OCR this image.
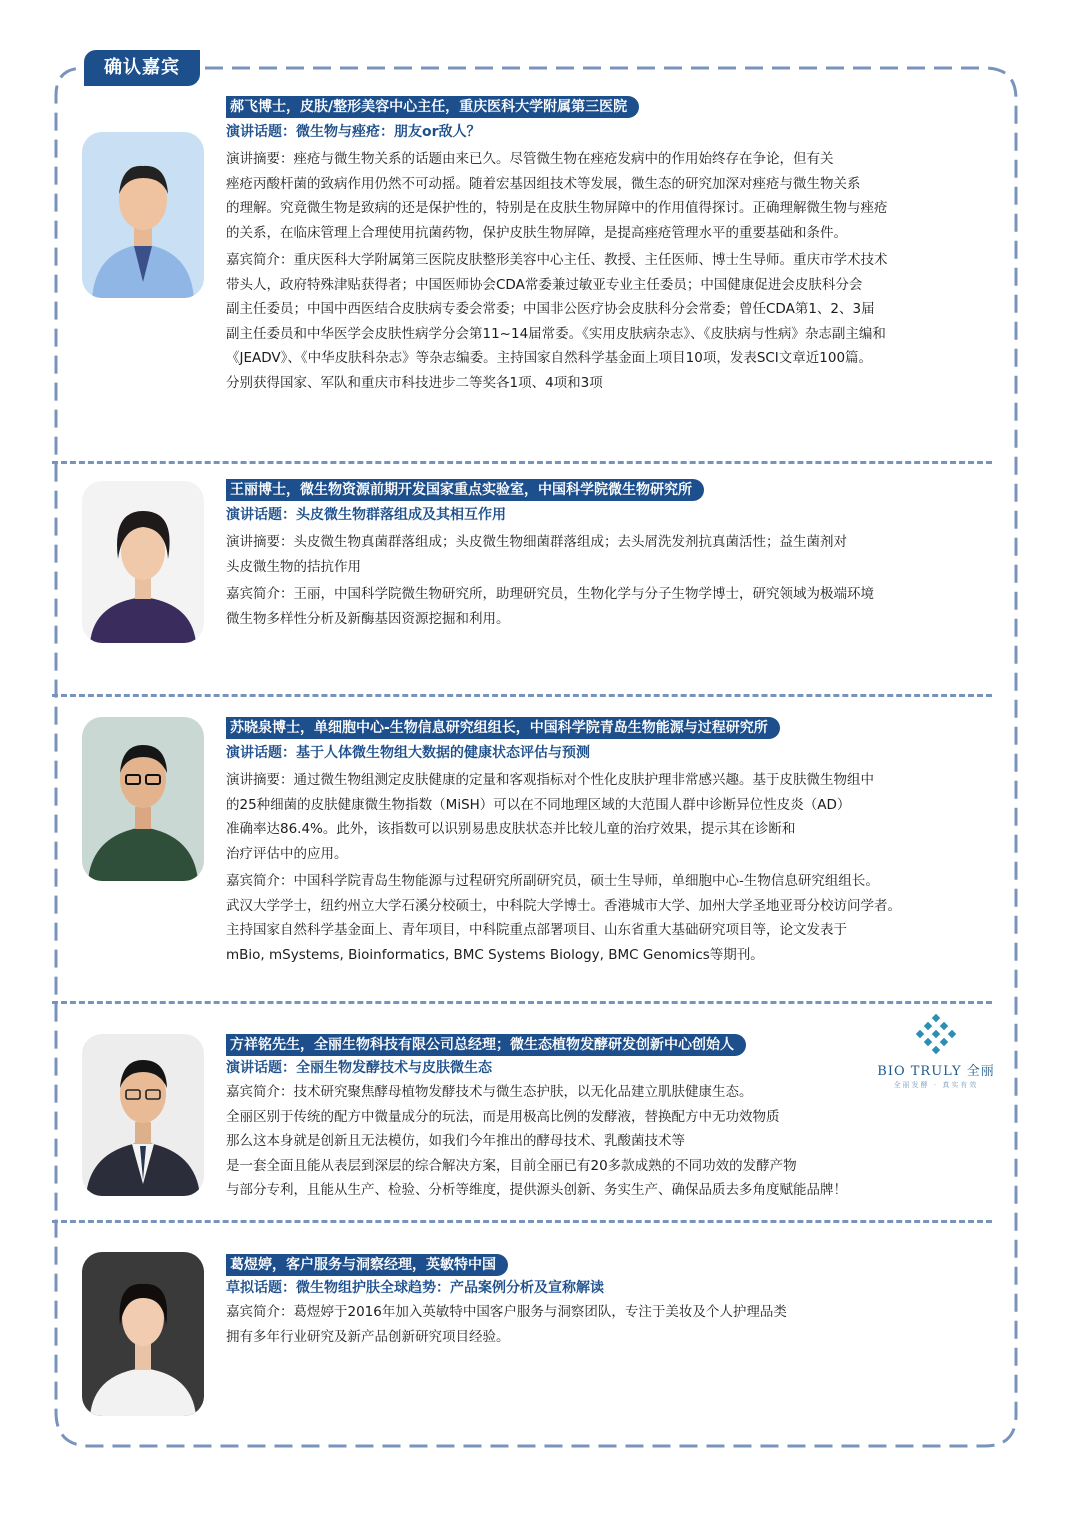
确认嘉宾
郝飞博士，皮肤/整形美容中心主任，重庆医科大学附属第三医院
演讲话题：微生物与痤疮：朋友or敌人？
演讲摘要：痤疮与微生物关系的话题由来已久。尽管微生物在痤疮发病中的作用始终存在争论，但有关
痤疮丙酸杆菌的致病作用仍然不可动摇。随着宏基因组技术等发展，微生态的研究加深对痤疮与微生物关系
的理解。究竟微生物是致病的还是保护性的，特别是在皮肤生物屏障中的作用值得探讨。正确理解微生物与痤疮
的关系，在临床管理上合理使用抗菌药物，保护皮肤生物屏障，是提高痤疮管理水平的重要基础和条件。
嘉宾简介：重庆医科大学附属第三医院皮肤整形美容中心主任、教授、主任医师、博士生导师。重庆市学术技术
带头人，政府特殊津贴获得者；中国医师协会CDA常委兼过敏亚专业主任委员；中国健康促进会皮肤科分会
副主任委员；中国中西医结合皮肤病专委会常委；中国非公医疗协会皮肤科分会常委；曾任CDA第1、2、3届
副主任委员和中华医学会皮肤性病学分会第11~14届常委。《实用皮肤病杂志》、《皮肤病与性病》杂志副主编和
《JEADV》、《中华皮肤科杂志》等杂志编委。主持国家自然科学基金面上项目10项，发表SCI文章近100篇。
分别获得国家、军队和重庆市科技进步二等奖各1项、4项和3项
王丽博士，微生物资源前期开发国家重点实验室，中国科学院微生物研究所
演讲话题：头皮微生物群落组成及其相互作用
演讲摘要：头皮微生物真菌群落组成；头皮微生物细菌群落组成；去头屑洗发剂抗真菌活性；益生菌剂对
头皮微生物的拮抗作用
嘉宾简介：王丽，中国科学院微生物研究所，助理研究员，生物化学与分子生物学博士，研究领域为极端环境
微生物多样性分析及新酶基因资源挖掘和利用。
苏晓泉博士，单细胞中心-生物信息研究组组长，中国科学院青岛生物能源与过程研究所
演讲话题：基于人体微生物组大数据的健康状态评估与预测
演讲摘要：通过微生物组测定皮肤健康的定量和客观指标对个性化皮肤护理非常感兴趣。基于皮肤微生物组中
的25种细菌的皮肤健康微生物指数（MiSH）可以在不同地理区域的大范围人群中诊断异位性皮炎（AD）
准确率达86.4%。此外，该指数可以识别易患皮肤状态并比较儿童的治疗效果，提示其在诊断和
治疗评估中的应用。
嘉宾简介：中国科学院青岛生物能源与过程研究所副研究员，硕士生导师，单细胞中心-生物信息研究组组长。
武汉大学学士，纽约州立大学石溪分校硕士，中科院大学博士。香港城市大学、加州大学圣地亚哥分校访问学者。
主持国家自然科学基金面上、青年项目，中科院重点部署项目、山东省重大基础研究项目等，论文发表于
mBio, mSystems, Bioinformatics, BMC Systems Biology, BMC Genomics等期刊。
方祥铭先生，全丽生物科技有限公司总经理；微生态植物发酵研发创新中心创始人
演讲话题：全丽生物发酵技术与皮肤微生态
嘉宾简介：技术研究聚焦酵母植物发酵技术与微生态护肤，以无化品建立肌肤健康生态。
全丽区别于传统的配方中微量成分的玩法，而是用极高比例的发酵液，替换配方中无功效物质
那么这本身就是创新且无法模仿，如我们今年推出的酵母技术、乳酸菌技术等
是一套全面且能从表层到深层的综合解决方案，目前全丽已有20多款成熟的不同功效的发酵产物
与部分专利，且能从生产、检验、分析等维度，提供源头创新、务实生产、确保品质去多角度赋能品牌！
BIO TRULY 全丽
全丽发酵 · 真实有效
葛煜婷，客户服务与洞察经理，英敏特中国
草拟话题：微生物组护肤全球趋势：产品案例分析及宣称解读
嘉宾简介：葛煜婷于2016年加入英敏特中国客户服务与洞察团队，专注于美妆及个人护理品类
拥有多年行业研究及新产品创新研究项目经验。
